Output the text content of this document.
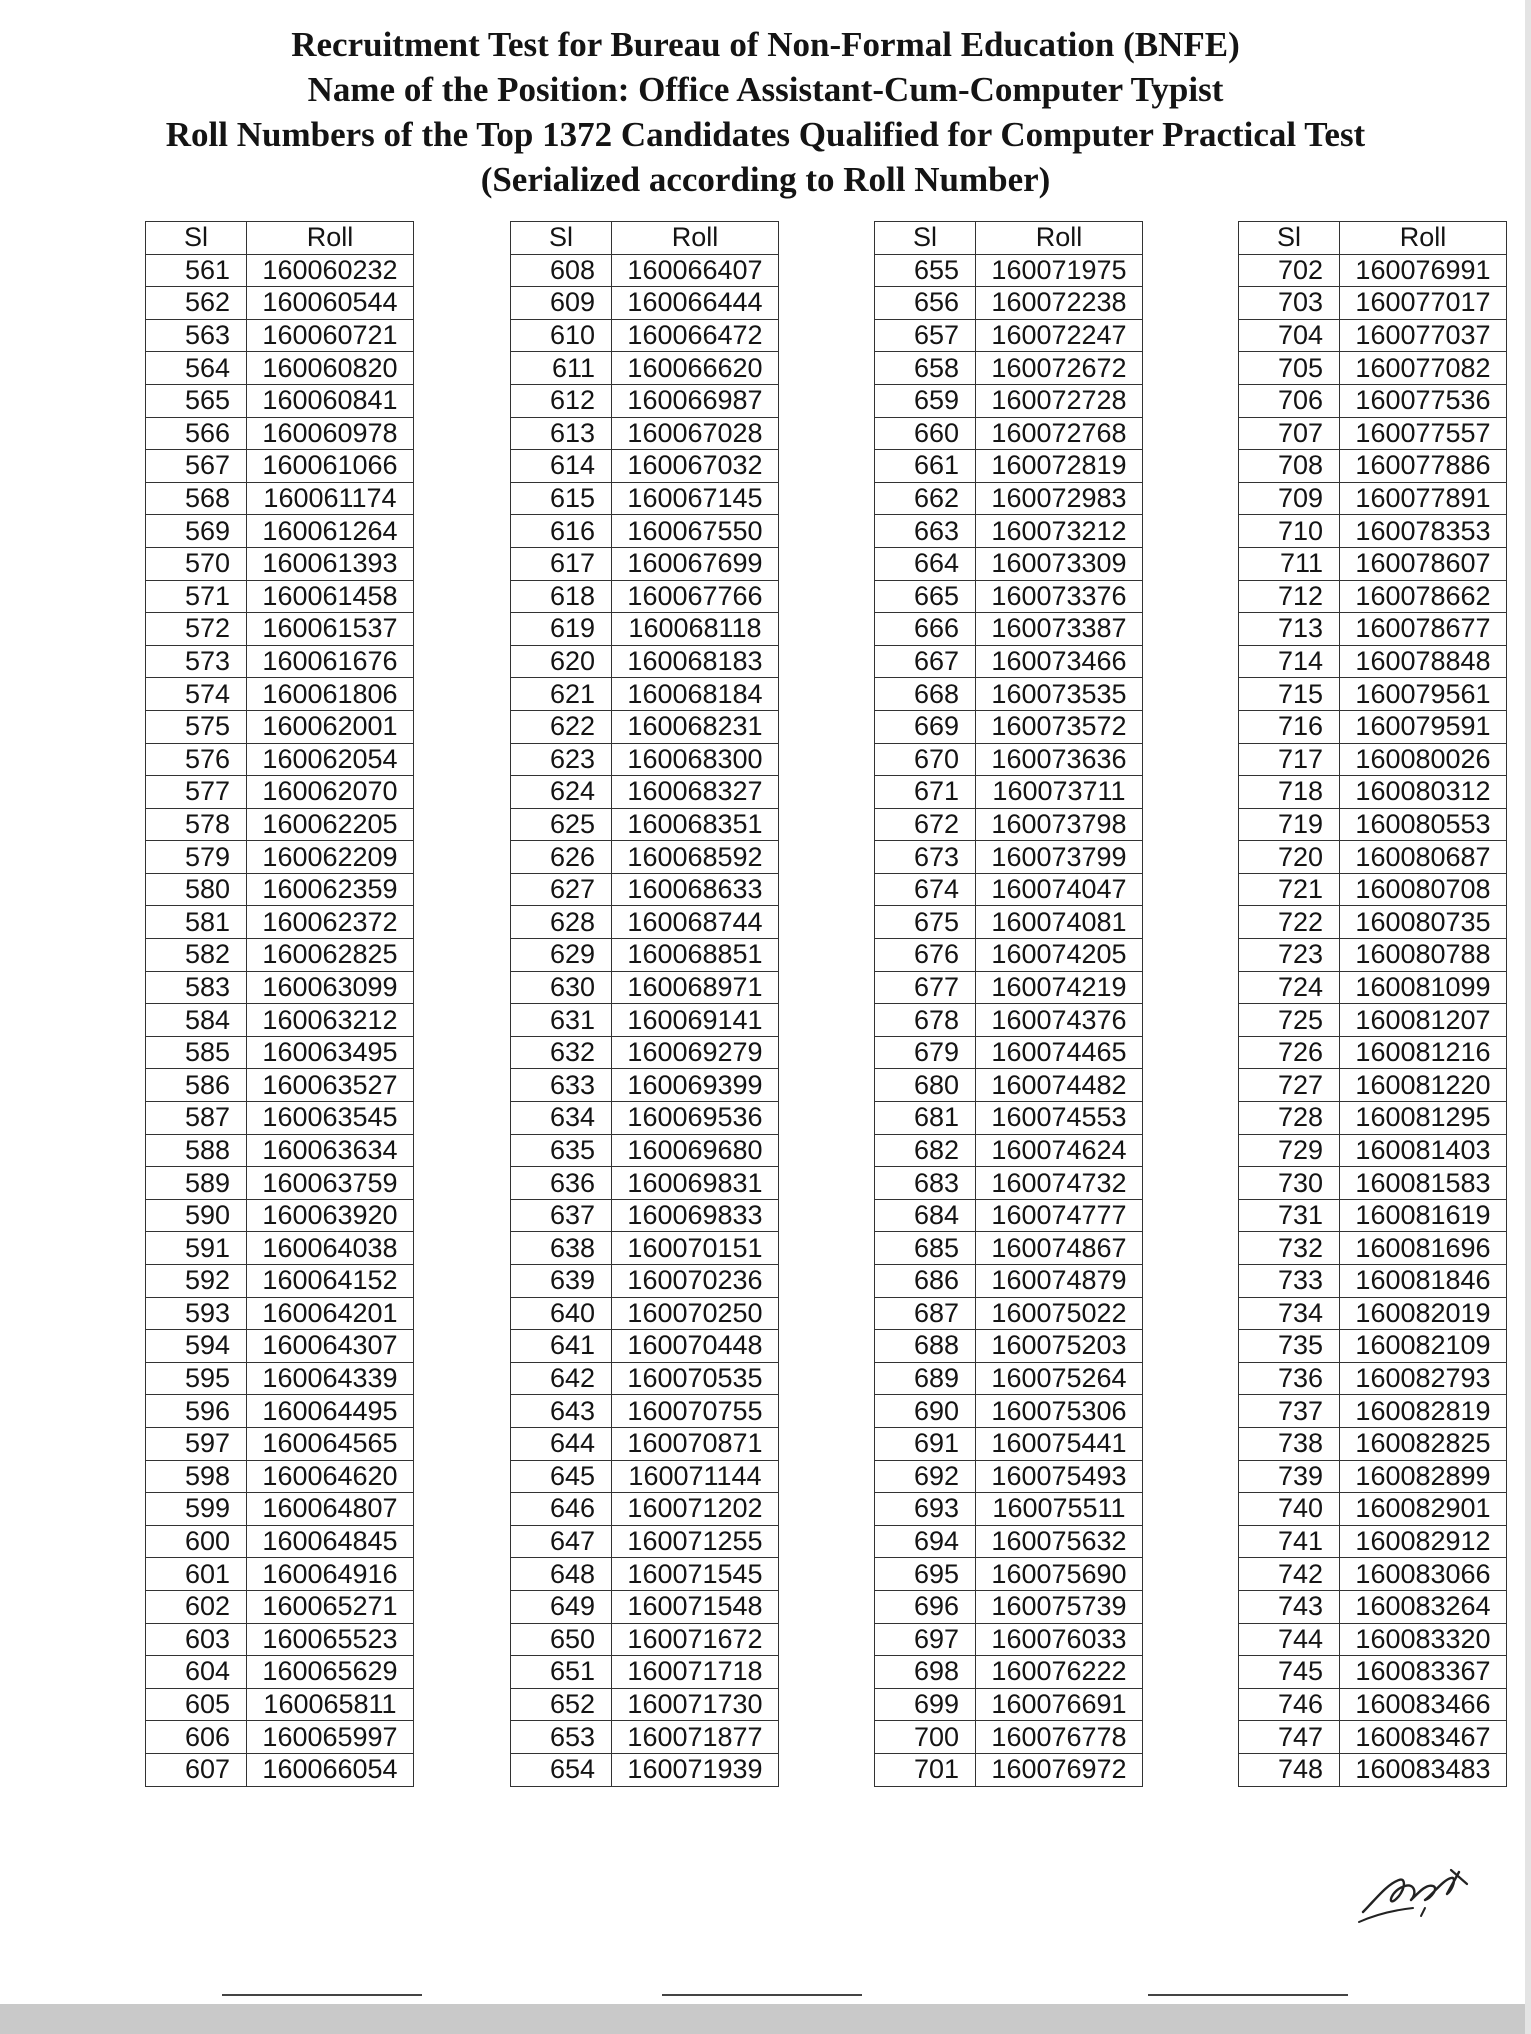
Recruitment Test for Bureau of Non-Formal Education (BNFE)
Name of the Position: Office Assistant-Cum-Computer Typist
Roll Numbers of the Top 1372 Candidates Qualified for Computer Practical Test
(Serialized according to Roll Number)
Sl	Roll
561	160060232
562	160060544
563	160060721
564	160060820
565	160060841
566	160060978
567	160061066
568	160061174
569	160061264
570	160061393
571	160061458
572	160061537
573	160061676
574	160061806
575	160062001
576	160062054
577	160062070
578	160062205
579	160062209
580	160062359
581	160062372
582	160062825
583	160063099
584	160063212
585	160063495
586	160063527
587	160063545
588	160063634
589	160063759
590	160063920
591	160064038
592	160064152
593	160064201
594	160064307
595	160064339
596	160064495
597	160064565
598	160064620
599	160064807
600	160064845
601	160064916
602	160065271
603	160065523
604	160065629
605	160065811
606	160065997
607	160066054
Sl	Roll
608	160066407
609	160066444
610	160066472
611	160066620
612	160066987
613	160067028
614	160067032
615	160067145
616	160067550
617	160067699
618	160067766
619	160068118
620	160068183
621	160068184
622	160068231
623	160068300
624	160068327
625	160068351
626	160068592
627	160068633
628	160068744
629	160068851
630	160068971
631	160069141
632	160069279
633	160069399
634	160069536
635	160069680
636	160069831
637	160069833
638	160070151
639	160070236
640	160070250
641	160070448
642	160070535
643	160070755
644	160070871
645	160071144
646	160071202
647	160071255
648	160071545
649	160071548
650	160071672
651	160071718
652	160071730
653	160071877
654	160071939
Sl	Roll
655	160071975
656	160072238
657	160072247
658	160072672
659	160072728
660	160072768
661	160072819
662	160072983
663	160073212
664	160073309
665	160073376
666	160073387
667	160073466
668	160073535
669	160073572
670	160073636
671	160073711
672	160073798
673	160073799
674	160074047
675	160074081
676	160074205
677	160074219
678	160074376
679	160074465
680	160074482
681	160074553
682	160074624
683	160074732
684	160074777
685	160074867
686	160074879
687	160075022
688	160075203
689	160075264
690	160075306
691	160075441
692	160075493
693	160075511
694	160075632
695	160075690
696	160075739
697	160076033
698	160076222
699	160076691
700	160076778
701	160076972
Sl	Roll
702	160076991
703	160077017
704	160077037
705	160077082
706	160077536
707	160077557
708	160077886
709	160077891
710	160078353
711	160078607
712	160078662
713	160078677
714	160078848
715	160079561
716	160079591
717	160080026
718	160080312
719	160080553
720	160080687
721	160080708
722	160080735
723	160080788
724	160081099
725	160081207
726	160081216
727	160081220
728	160081295
729	160081403
730	160081583
731	160081619
732	160081696
733	160081846
734	160082019
735	160082109
736	160082793
737	160082819
738	160082825
739	160082899
740	160082901
741	160082912
742	160083066
743	160083264
744	160083320
745	160083367
746	160083466
747	160083467
748	160083483
